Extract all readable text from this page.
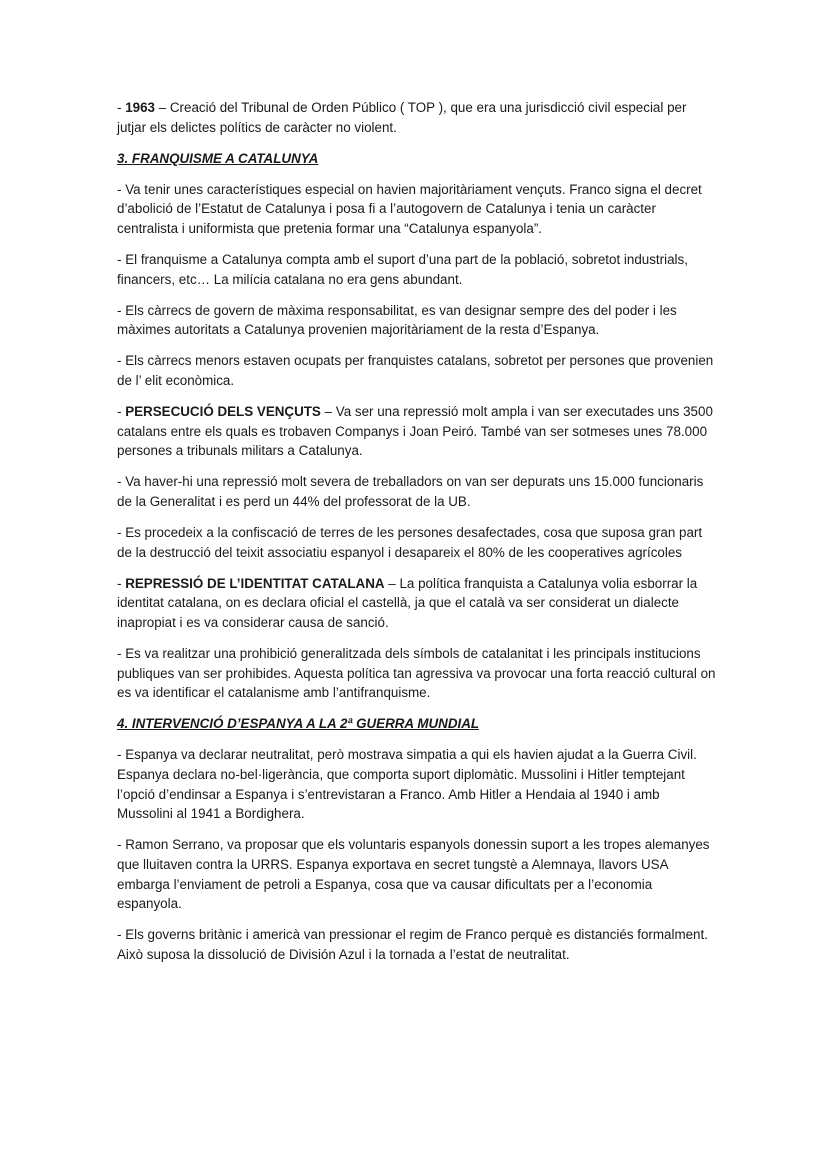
- 1963 – Creació del Tribunal de Orden Público ( TOP ), que era una jurisdicció civil especial per jutjar els delictes polítics de caràcter no violent.

3. FRANQUISME A CATALUNYA

- Va tenir unes característiques especial on havien majoritàriament vençuts. Franco signa el decret d’abolició de l’Estatut de Catalunya i posa fi a l’autogovern de Catalunya i tenia un caràcter centralista i uniformista que pretenia formar una “Catalunya espanyola”.

- El franquisme a Catalunya compta amb el suport d’una part de la població, sobretot industrials, financers, etc… La milícia catalana no era gens abundant.

- Els càrrecs de govern de màxima responsabilitat, es van designar sempre des del poder i les màximes autoritats a Catalunya provenien majoritàriament de la resta d’Espanya.

- Els càrrecs menors estaven ocupats per franquistes catalans, sobretot per persones que provenien de l’ elit econòmica.

- PERSECUCIÓ DELS VENÇUTS – Va ser una repressió molt ampla i van ser executades uns 3500 catalans entre els quals es trobaven Companys i Joan Peiró. També van ser sotmeses unes 78.000 persones a tribunals militars a Catalunya.

- Va haver-hi una repressió molt severa de treballadors on van ser depurats uns 15.000 funcionaris de la Generalitat i es perd un 44% del professorat de la UB.

- Es procedeix a la confiscació de terres de les persones desafectades, cosa que suposa gran part de la destrucció del teixit associatiu espanyol i desapareix el 80% de les cooperatives agrícoles

- REPRESSIÓ DE L’IDENTITAT CATALANA – La política franquista a Catalunya volia esborrar la identitat catalana, on es declara oficial el castellà, ja que el català va ser considerat un dialecte inapropiat i es va considerar causa de sanció.

- Es va realitzar una prohibició generalitzada dels símbols de catalanitat i les principals institucions publiques van ser prohibides. Aquesta política tan agressiva va provocar una forta reacció cultural on es va identificar el catalanisme amb l’antifranquisme.

4. INTERVENCIÓ D’ESPANYA A LA 2ª GUERRA MUNDIAL

- Espanya va declarar neutralitat, però mostrava simpatia a qui els havien ajudat a la Guerra Civil. Espanya declara no-bel·ligerància, que comporta suport diplomàtic. Mussolini i Hitler temptejant l’opció d’endinsar a Espanya i s’entrevistaran a Franco. Amb Hitler a Hendaia al 1940 i amb Mussolini al 1941 a Bordighera.

- Ramon Serrano, va proposar que els voluntaris espanyols donessin suport a les tropes alemanyes que lluitaven contra la URRS. Espanya exportava en secret tungstè a Alemnaya, llavors USA embarga l’enviament de petroli a Espanya, cosa que va causar dificultats per a l’economia espanyola.

- Els governs britànic i americà van pressionar el regim de Franco perquè es distanciés formalment. Això suposa la dissolució de División Azul i la tornada a l’estat de neutralitat.
